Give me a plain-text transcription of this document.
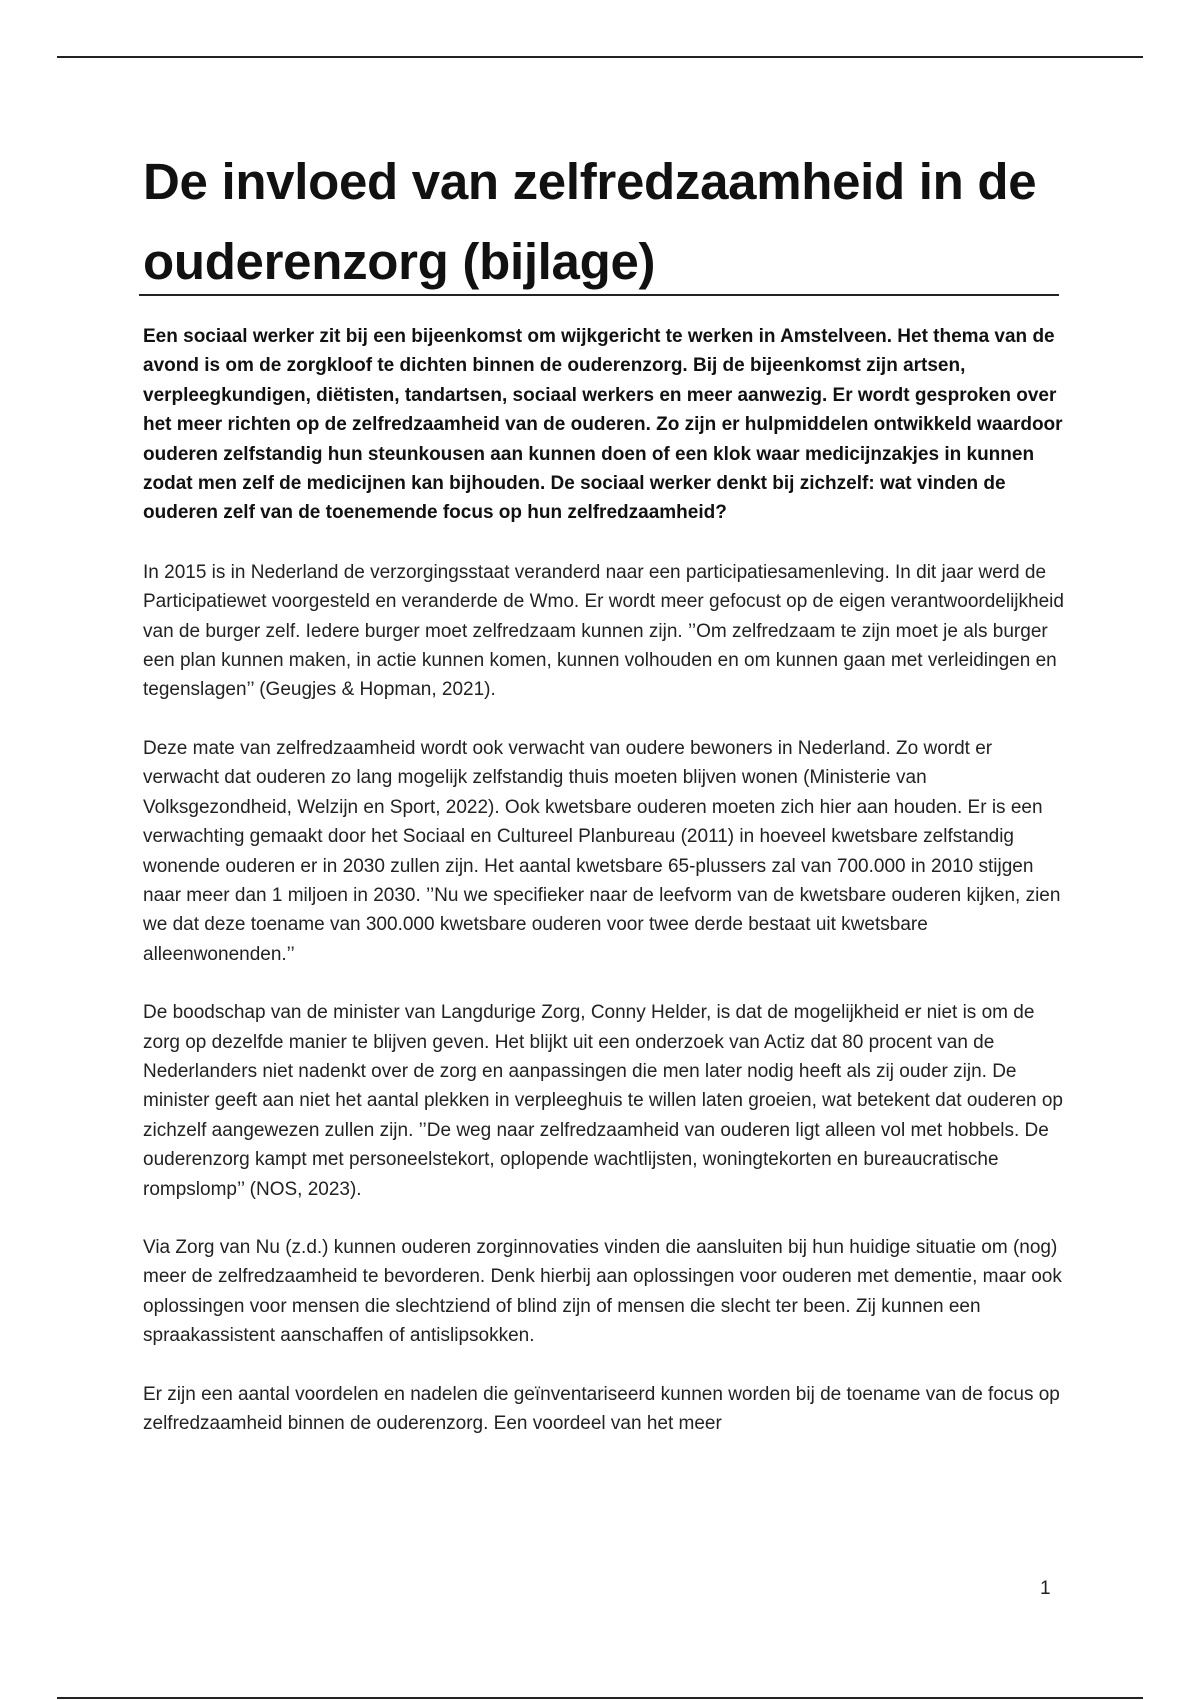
De invloed van zelfredzaamheid in de ouderenzorg (bijlage)

Een sociaal werker zit bij een bijeenkomst om wijkgericht te werken in Amstelveen. Het thema van de avond is om de zorgkloof te dichten binnen de ouderenzorg. Bij de bijeenkomst zijn artsen, verpleegkundigen, diëtisten, tandartsen, sociaal werkers en meer aanwezig. Er wordt gesproken over het meer richten op de zelfredzaamheid van de ouderen. Zo zijn er hulpmiddelen ontwikkeld waardoor ouderen zelfstandig hun steunkousen aan kunnen doen of een klok waar medicijnzakjes in kunnen zodat men zelf de medicijnen kan bijhouden. De sociaal werker denkt bij zichzelf: wat vinden de ouderen zelf van de toenemende focus op hun zelfredzaamheid?

In 2015 is in Nederland de verzorgingsstaat veranderd naar een participatiesamenleving. In dit jaar werd de Participatiewet voorgesteld en veranderde de Wmo. Er wordt meer gefocust op de eigen verantwoordelijkheid van de burger zelf. Iedere burger moet zelfredzaam kunnen zijn. ’’Om zelfredzaam te zijn moet je als burger een plan kunnen maken, in actie kunnen komen, kunnen volhouden en om kunnen gaan met verleidingen en tegenslagen’’ (Geugjes & Hopman, 2021).

Deze mate van zelfredzaamheid wordt ook verwacht van oudere bewoners in Nederland. Zo wordt er verwacht dat ouderen zo lang mogelijk zelfstandig thuis moeten blijven wonen (Ministerie van Volksgezondheid, Welzijn en Sport, 2022). Ook kwetsbare ouderen moeten zich hier aan houden. Er is een verwachting gemaakt door het Sociaal en Cultureel Planbureau (2011) in hoeveel kwetsbare zelfstandig wonende ouderen er in 2030 zullen zijn. Het aantal kwetsbare 65-plussers zal van 700.000 in 2010 stijgen naar meer dan 1 miljoen in 2030. ’’Nu we specifieker naar de leefvorm van de kwetsbare ouderen kijken, zien we dat deze toename van 300.000 kwetsbare ouderen voor twee derde bestaat uit kwetsbare alleenwonenden.’’

De boodschap van de minister van Langdurige Zorg, Conny Helder, is dat de mogelijkheid er niet is om de zorg op dezelfde manier te blijven geven. Het blijkt uit een onderzoek van Actiz dat 80 procent van de Nederlanders niet nadenkt over de zorg en aanpassingen die men later nodig heeft als zij ouder zijn. De minister geeft aan niet het aantal plekken in verpleeghuis te willen laten groeien, wat betekent dat ouderen op zichzelf aangewezen zullen zijn. ’’De weg naar zelfredzaamheid van ouderen ligt alleen vol met hobbels. De ouderenzorg kampt met personeelstekort, oplopende wachtlijsten, woningtekorten en bureaucratische rompslomp’’ (NOS, 2023).

Via Zorg van Nu (z.d.) kunnen ouderen zorginnovaties vinden die aansluiten bij hun huidige situatie om (nog) meer de zelfredzaamheid te bevorderen. Denk hierbij aan oplossingen voor ouderen met dementie, maar ook oplossingen voor mensen die slechtziend of blind zijn of mensen die slecht ter been. Zij kunnen een spraakassistent aanschaffen of antislipsokken.

Er zijn een aantal voordelen en nadelen die geïnventariseerd kunnen worden bij de toename van de focus op zelfredzaamheid binnen de ouderenzorg. Een voordeel van het meer

1
